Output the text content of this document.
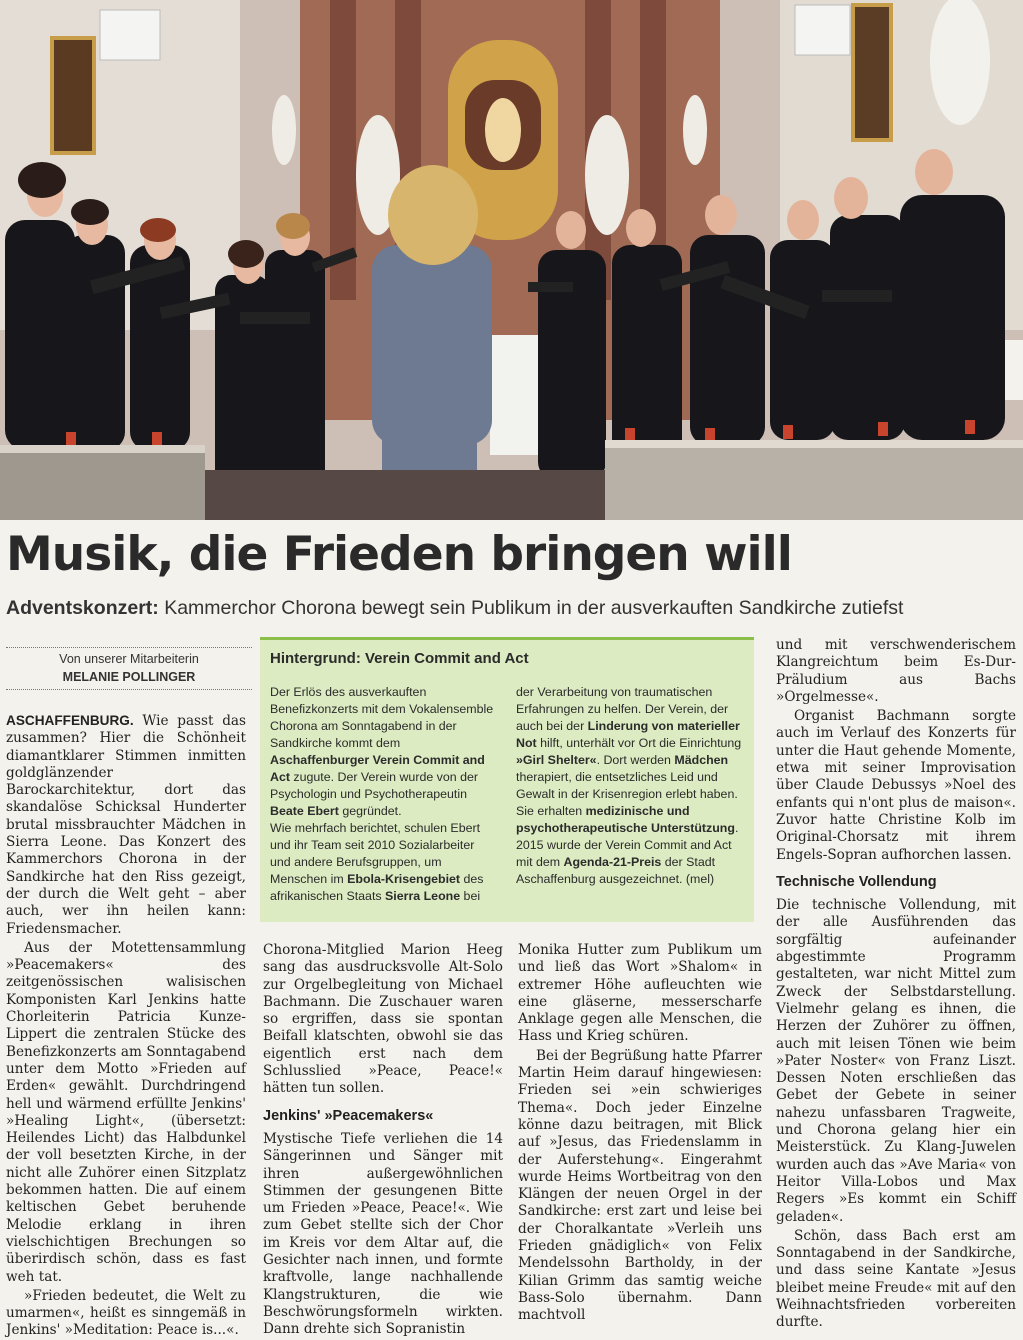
Musik, die Frieden bringen will
Adventskonzert: Kammerchor Chorona bewegt sein Publikum in der ausverkauften Sandkirche zutiefst
Von unserer Mitarbeiterin
MELANIE POLLINGER

ASCHAFFENBURG. Wie passt das zusammen? Hier die Schönheit diamantklarer Stimmen inmitten goldglänzender Barockarchitektur, dort das skandalöse Schicksal Hunderter brutal missbrauchter Mädchen in Sierra Leone. Das Konzert des Kammerchors Chorona in der Sandkirche hat den Riss gezeigt, der durch die Welt geht – aber auch, wer ihn heilen kann: Friedensmacher.

Aus der Motettensammlung »Peacemakers« des zeitgenössischen walisischen Komponisten Karl Jenkins hatte Chorleiterin Patricia Kunze-Lippert die zentralen Stücke des Benefizkonzerts am Sonntagabend unter dem Motto »Frieden auf Erden« gewählt. Durchdringend hell und wärmend erfüllte Jenkins' »Healing Light«, (übersetzt: Heilendes Licht) das Halbdunkel der voll besetzten Kirche, in der nicht alle Zuhörer einen Sitzplatz bekommen hatten. Die auf einem keltischen Gebet beruhende Melodie erklang in ihren vielschichtigen Brechungen so überirdisch schön, dass es fast weh tat.

»Frieden bedeutet, die Welt zu umarmen«, heißt es sinngemäß in Jenkins' »Meditation: Peace is...«.

Hintergrund: Verein Commit and Act
Der Erlös des ausverkauften Benefizkonzerts mit dem Vokalensemble Chorona am Sonntagabend in der Sandkirche kommt dem Aschaffenburger Verein Commit and Act zugute. Der Verein wurde von der Psychologin und Psychotherapeutin Beate Ebert gegründet.
Wie mehrfach berichtet, schulen Ebert und ihr Team seit 2010 Sozialarbeiter und andere Berufsgruppen, um Menschen im Ebola-Krisengebiet des afrikanischen Staats Sierra Leone bei
der Verarbeitung von traumatischen Erfahrungen zu helfen. Der Verein, der auch bei der Linderung von materieller Not hilft, unterhält vor Ort die Einrichtung »Girl Shelter«. Dort werden Mädchen therapiert, die entsetzliches Leid und Gewalt in der Krisenregion erlebt haben. Sie erhalten medizinische und psychotherapeutische Unterstützung. 2015 wurde der Verein Commit and Act mit dem Agenda-21-Preis der Stadt Aschaffenburg ausgezeichnet. (mel)

Chorona-Mitglied Marion Heeg sang das ausdrucksvolle Alt-Solo zur Orgelbegleitung von Michael Bachmann. Die Zuschauer waren so ergriffen, dass sie spontan Beifall klatschten, obwohl sie das eigentlich erst nach dem Schlusslied »Peace, Peace!« hätten tun sollen.

Jenkins' »Peacemakers«

Mystische Tiefe verliehen die 14 Sängerinnen und Sänger mit ihren außergewöhnlichen Stimmen der gesungenen Bitte um Frieden »Peace, Peace!«. Wie zum Gebet stellte sich der Chor im Kreis vor dem Altar auf, die Gesichter nach innen, und formte kraftvolle, lange nachhallende Klangstrukturen, die wie Beschwörungsformeln wirkten. Dann drehte sich Sopranistin

Monika Hutter zum Publikum um und ließ das Wort »Shalom« in extremer Höhe aufleuchten wie eine gläserne, messerscharfe Anklage gegen alle Menschen, die Hass und Krieg schüren.

Bei der Begrüßung hatte Pfarrer Martin Heim darauf hingewiesen: Frieden sei »ein schwieriges Thema«. Doch jeder Einzelne könne dazu beitragen, mit Blick auf »Jesus, das Friedenslamm in der Auferstehung«. Eingerahmt wurde Heims Wortbeitrag von den Klängen der neuen Orgel in der Sandkirche: erst zart und leise bei der Choralkantate »Verleih uns Frieden gnädiglich« von Felix Mendelssohn Bartholdy, in der Kilian Grimm das samtig weiche Bass-Solo übernahm. Dann machtvoll

und mit verschwenderischem Klangreichtum beim Es-Dur-Präludium aus Bachs »Orgelmesse«.

Organist Bachmann sorgte auch im Verlauf des Konzerts für unter die Haut gehende Momente, etwa mit seiner Improvisation über Claude Debussys »Noel des enfants qui n'ont plus de maison«. Zuvor hatte Christine Kolb im Original-Chorsatz mit ihrem Engels-Sopran aufhorchen lassen.

Technische Vollendung

Die technische Vollendung, mit der alle Ausführenden das sorgfältig aufeinander abgestimmte Programm gestalteten, war nicht Mittel zum Zweck der Selbstdarstellung. Vielmehr gelang es ihnen, die Herzen der Zuhörer zu öffnen, auch mit leisen Tönen wie beim »Pater Noster« von Franz Liszt. Dessen Noten erschließen das Gebet der Gebete in seiner nahezu unfassbaren Tragweite, und Chorona gelang hier ein Meisterstück. Zu Klang-Juwelen wurden auch das »Ave Maria« von Heitor Villa-Lobos und Max Regers »Es kommt ein Schiff geladen«.

Schön, dass Bach erst am Sonntagabend in der Sandkirche, und dass seine Kantate »Jesus bleibet meine Freude« mit auf den Weihnachtsfrieden vorbereiten durfte.
